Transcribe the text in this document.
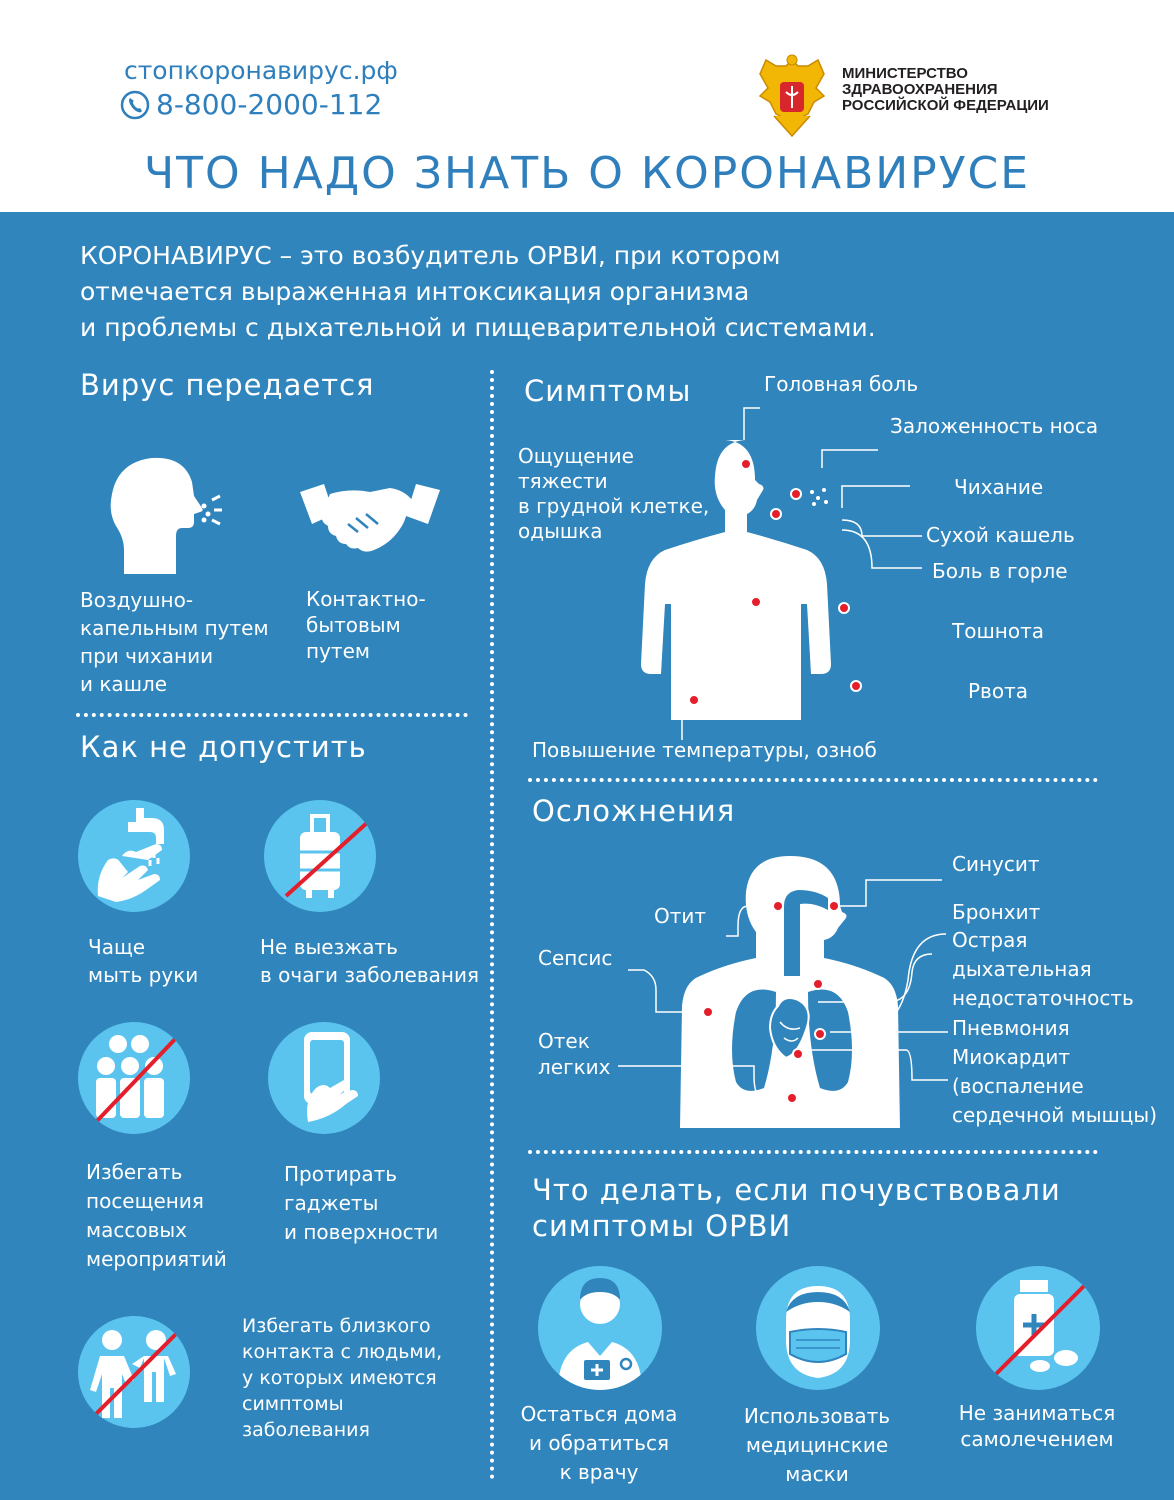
стопкоронавирус.рф
8-800-2000-112
МИНИСТЕРСТВО
ЗДРАВООХРАНЕНИЯ
РОССИЙСКОЙ ФЕДЕРАЦИИ
ЧТО НАДО ЗНАТЬ О КОРОНАВИРУСЕ
КОРОНАВИРУС – это возбудитель ОРВИ, при котором
отмечается выраженная интоксикация организма
и проблемы с дыхательной и пищеварительной системами.
Вирус передается
Воздушно-
капельным путем
при чихании
и кашле
Контактно-
бытовым
путем
Как не допустить
Чаще
мыть руки
Не выезжать
в очаги заболевания
Избегать
посещения
массовых
мероприятий
Протирать
гаджеты
и поверхности
Избегать близкого
контакта с людьми,
у которых имеются
симптомы
заболевания
Симптомы	Головная боль
Заложенность носа
Чихание
Сухой кашель
Боль в горле
Тошнота
Рвота
Ощущение
тяжести
в грудной клетке,
одышка
Повышение температуры, озноб
Осложнения
Синусит
Отит
Сепсис
Отек
легких
Бронхит
Острая
дыхательная
недостаточность
Пневмония
Миокардит
(воспаление
сердечной мышцы)
Что делать, если почувствовали
симптомы ОРВИ
Остаться дома
и обратиться
к врачу
Использовать
медицинские
маски
Не заниматься
самолечением
